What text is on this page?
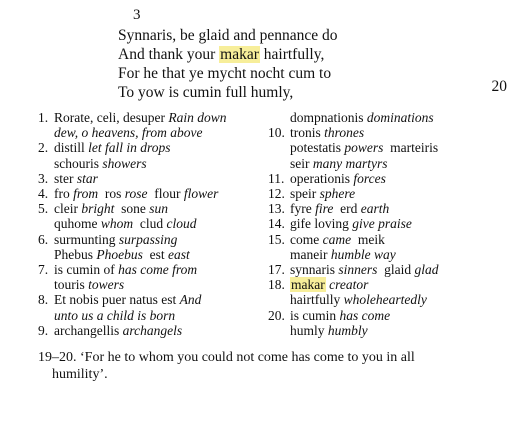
3
Synnaris, be glaid and pennance do
And thank your makar hairtfully,
For he that ye mycht nocht cum to
To yow is cumin full humly,	20
1. Rorate, celi, desuper Rain down
dew, o heavens, from above
2. distill let fall in drops
schouris showers
3. ster star
4. fro from  ros rose  flour flower
5. cleir bright  sone sun
quhome whom  clud cloud
6. surmunting surpassing
Phebus Phoebus  est east
7. is cumin of has come from
touris towers
8. Et nobis puer natus est And
unto us a child is born
9. archangellis archangels
dompnationis dominations
10. tronis thrones
potestatis powers  marteiris
seir many martyrs
11. operationis forces
12. speir sphere
13. fyre fire  erd earth
14. gife loving give praise
15. come came  meik
maneir humble way
17. synnaris sinners  glaid glad
18. makar creator
hairtfully wholeheartedly
20. is cumin has come
humly humbly
19–20. ‘For he to whom you could not come has come to you in all
humility’.
